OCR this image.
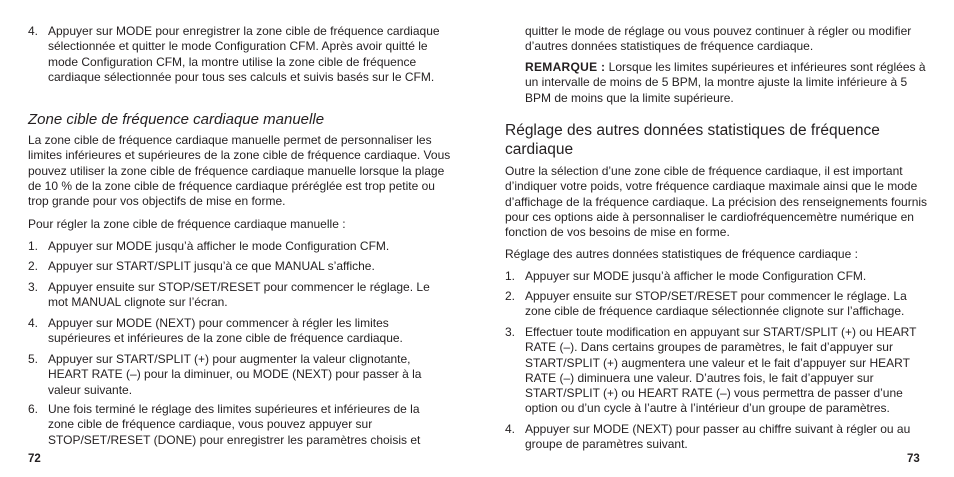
4. Appuyer sur MODE pour enregistrer la zone cible de fréquence cardiaque sélectionnée et quitter le mode Configuration CFM. Après avoir quitté le mode Configuration CFM, la montre utilise la zone cible de fréquence cardiaque sélectionnée pour tous ses calculs et suivis basés sur le CFM.
Zone cible de fréquence cardiaque manuelle
La zone cible de fréquence cardiaque manuelle permet de personnaliser les limites inférieures et supérieures de la zone cible de fréquence cardiaque. Vous pouvez utiliser la zone cible de fréquence cardiaque manuelle lorsque la plage de 10 % de la zone cible de fréquence cardiaque préréglée est trop petite ou trop grande pour vos objectifs de mise en forme.
Pour régler la zone cible de fréquence cardiaque manuelle :
1. Appuyer sur MODE jusqu’à afficher le mode Configuration CFM.
2. Appuyer sur START/SPLIT jusqu’à ce que MANUAL s’affiche.
3. Appuyer ensuite sur STOP/SET/RESET pour commencer le réglage. Le mot MANUAL clignote sur l’écran.
4. Appuyer sur MODE (NEXT) pour commencer à régler les limites supérieures et inférieures de la zone cible de fréquence cardiaque.
5. Appuyer sur START/SPLIT (+) pour augmenter la valeur clignotante, HEART RATE (–) pour la diminuer, ou MODE (NEXT) pour passer à la valeur suivante.
6. Une fois terminé le réglage des limites supérieures et inférieures de la zone cible de fréquence cardiaque, vous pouvez appuyer sur STOP/SET/RESET (DONE) pour enregistrer les paramètres choisis et
72
quitter le mode de réglage ou vous pouvez continuer à régler ou modifier d’autres données statistiques de fréquence cardiaque.
REMARQUE : Lorsque les limites supérieures et inférieures sont réglées à un intervalle de moins de 5 BPM, la montre ajuste la limite inférieure à 5 BPM de moins que la limite supérieure.
Réglage des autres données statistiques de fréquence cardiaque
Outre la sélection d’une zone cible de fréquence cardiaque, il est important d’indiquer votre poids, votre fréquence cardiaque maximale ainsi que le mode d’affichage de la fréquence cardiaque. La précision des renseignements fournis pour ces options aide à personnaliser le cardiofréquencemètre numérique en fonction de vos besoins de mise en forme.
Réglage des autres données statistiques de fréquence cardiaque :
1. Appuyer sur MODE jusqu’à afficher le mode Configuration CFM.
2. Appuyer ensuite sur STOP/SET/RESET pour commencer le réglage. La zone cible de fréquence cardiaque sélectionnée clignote sur l’affichage.
3. Effectuer toute modification en appuyant sur START/SPLIT (+) ou HEART RATE (–). Dans certains groupes de paramètres, le fait d’appuyer sur START/SPLIT (+) augmentera une valeur et le fait d’appuyer sur HEART RATE (–) diminuera une valeur. D’autres fois, le fait d’appuyer sur START/SPLIT (+) ou HEART RATE (–) vous permettra de passer d’une option ou d’un cycle à l’autre à l’intérieur d’un groupe de paramètres.
4. Appuyer sur MODE (NEXT) pour passer au chiffre suivant à régler ou au groupe de paramètres suivant.
73
